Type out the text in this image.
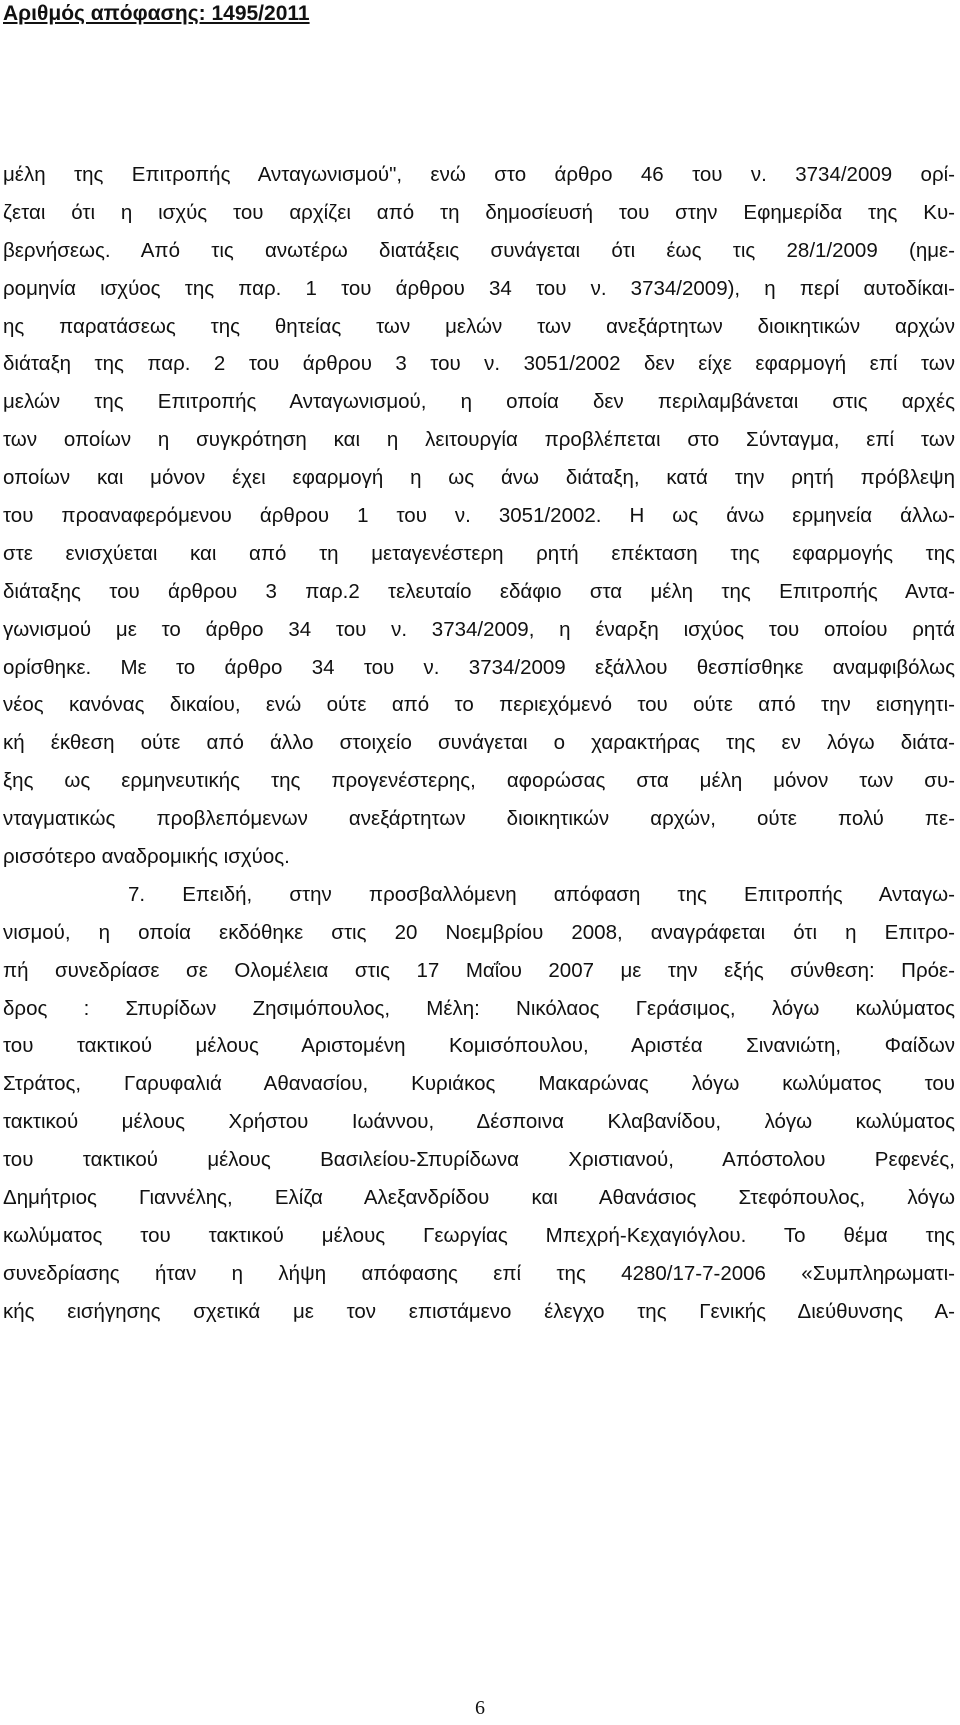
Αριθμός απόφασης: 1495/2011
μέλη της Επιτροπής Ανταγωνισμού", ενώ στο άρθρο 46 του ν. 3734/2009 ορί-
ζεται ότι η ισχύς του αρχίζει από τη δημοσίευσή του στην Εφημερίδα της Κυ-
βερνήσεως. Από τις ανωτέρω διατάξεις συνάγεται ότι έως τις 28/1/2009 (ημε-
ρομηνία ισχύος της παρ. 1 του άρθρου 34 του ν. 3734/2009), η περί αυτοδίκαι-
ης παρατάσεως της θητείας των μελών των ανεξάρτητων διοικητικών αρχών
διάταξη της παρ. 2 του άρθρου 3 του ν. 3051/2002 δεν είχε εφαρμογή επί των
μελών της Επιτροπής Ανταγωνισμού, η οποία δεν περιλαμβάνεται στις αρχές
των οποίων η συγκρότηση και η λειτουργία προβλέπεται στο Σύνταγμα, επί των
οποίων και μόνον έχει εφαρμογή η ως άνω διάταξη, κατά την ρητή πρόβλεψη
του προαναφερόμενου άρθρου 1 του ν. 3051/2002. Η ως άνω ερμηνεία άλλω-
στε ενισχύεται και από τη μεταγενέστερη ρητή επέκταση της εφαρμογής της
διάταξης του άρθρου 3 παρ.2 τελευταίο εδάφιο στα μέλη της Επιτροπής Αντα-
γωνισμού με το άρθρο 34 του ν. 3734/2009, η έναρξη ισχύος του οποίου ρητά
ορίσθηκε. Με το άρθρο 34 του ν. 3734/2009 εξάλλου θεσπίσθηκε αναμφιβόλως
νέος κανόνας δικαίου, ενώ ούτε από το περιεχόμενό του ούτε από την εισηγητι-
κή έκθεση ούτε από άλλο στοιχείο συνάγεται ο χαρακτήρας της εν λόγω διάτα-
ξης ως ερμηνευτικής της προγενέστερης, αφορώσας στα μέλη μόνον των συ-
νταγματικώς προβλεπόμενων ανεξάρτητων διοικητικών αρχών, ούτε πολύ πε-
ρισσότερο αναδρομικής ισχύος.
7. Επειδή, στην προσβαλλόμενη απόφαση της Επιτροπής Ανταγω-
νισμού, η οποία εκδόθηκε στις 20 Νοεμβρίου 2008, αναγράφεται ότι η Επιτρο-
πή συνεδρίασε σε Ολομέλεια στις 17 Μαΐου 2007 με την εξής σύνθεση: Πρόε-
δρος : Σπυρίδων Ζησιμόπουλος, Μέλη: Νικόλαος Γεράσιμος, λόγω κωλύματος
του τακτικού μέλους Αριστομένη Κομισόπουλου, Αριστέα Σινανιώτη, Φαίδων
Στράτος, Γαρυφαλιά Αθανασίου, Κυριάκος Μακαρώνας λόγω κωλύματος του
τακτικού μέλους Χρήστου Ιωάννου, Δέσποινα Κλαβανίδου, λόγω κωλύματος
του τακτικού μέλους Βασιλείου-Σπυρίδωνα Χριστιανού, Απόστολου Ρεφενές,
Δημήτριος Γιαννέλης, Ελίζα Αλεξανδρίδου και Αθανάσιος Στεφόπουλος, λόγω
κωλύματος του τακτικού μέλους Γεωργίας Μπεχρή-Κεχαγιόγλου. Το θέμα της
συνεδρίασης ήταν η λήψη απόφασης επί της 4280/17-7-2006 «Συμπληρωματι-
κής εισήγησης σχετικά με τον επιστάμενο έλεγχο της Γενικής Διεύθυνσης Α-
6
